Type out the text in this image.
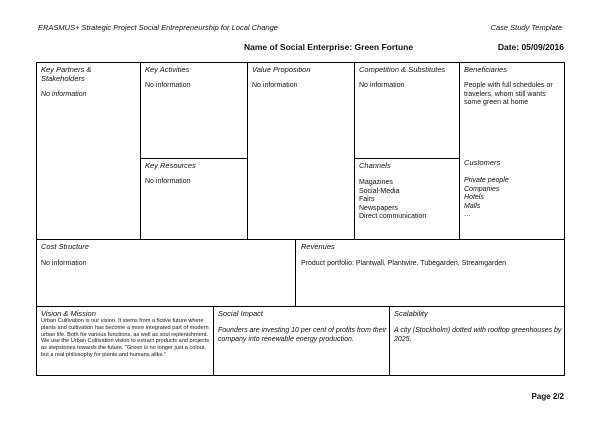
ERASMUS+ Strategic Project Social Entrepreneurship for Local Change	Case Study Template
Name of Social Enterprise: Green Fortune	Date: 05/09/2016
Key Partners & Stakeholders
No information
Key Activities
No information
Key Resources
No information
Value Proposition
No information
Competition & Substitutes
No information
Channels
Magazines
Social-Media
Fairs
Newspapers
Direct communication
Beneficiaries
People with full schedules or travelers, whom still wants some green at home
Customers
Private people
Companies
Hotels
Malls
…
Cost Structure
No information
Revenues
Product portfolio: Plantwall, Plantwire, Tubegarden, Streamgarden
Vision & Mission
Urban Cultivation is our vision. It stems from a fictive future where plants and cultivation has become a more integrated part of modern urban life. Both for various functions, as well as soul replenishment. We use the Urban Cultivation vision to extract products and projects as stepstones towards the future. "Green is no longer just a colour, but a real philosophy for plants and humans alike."
Social Impact
Founders are investing 10 per cent of profits from their company into renewable energy production.
Scalability
A city (Stockholm) dotted with rooftop greenhouses by 2025.
Page 2/2
